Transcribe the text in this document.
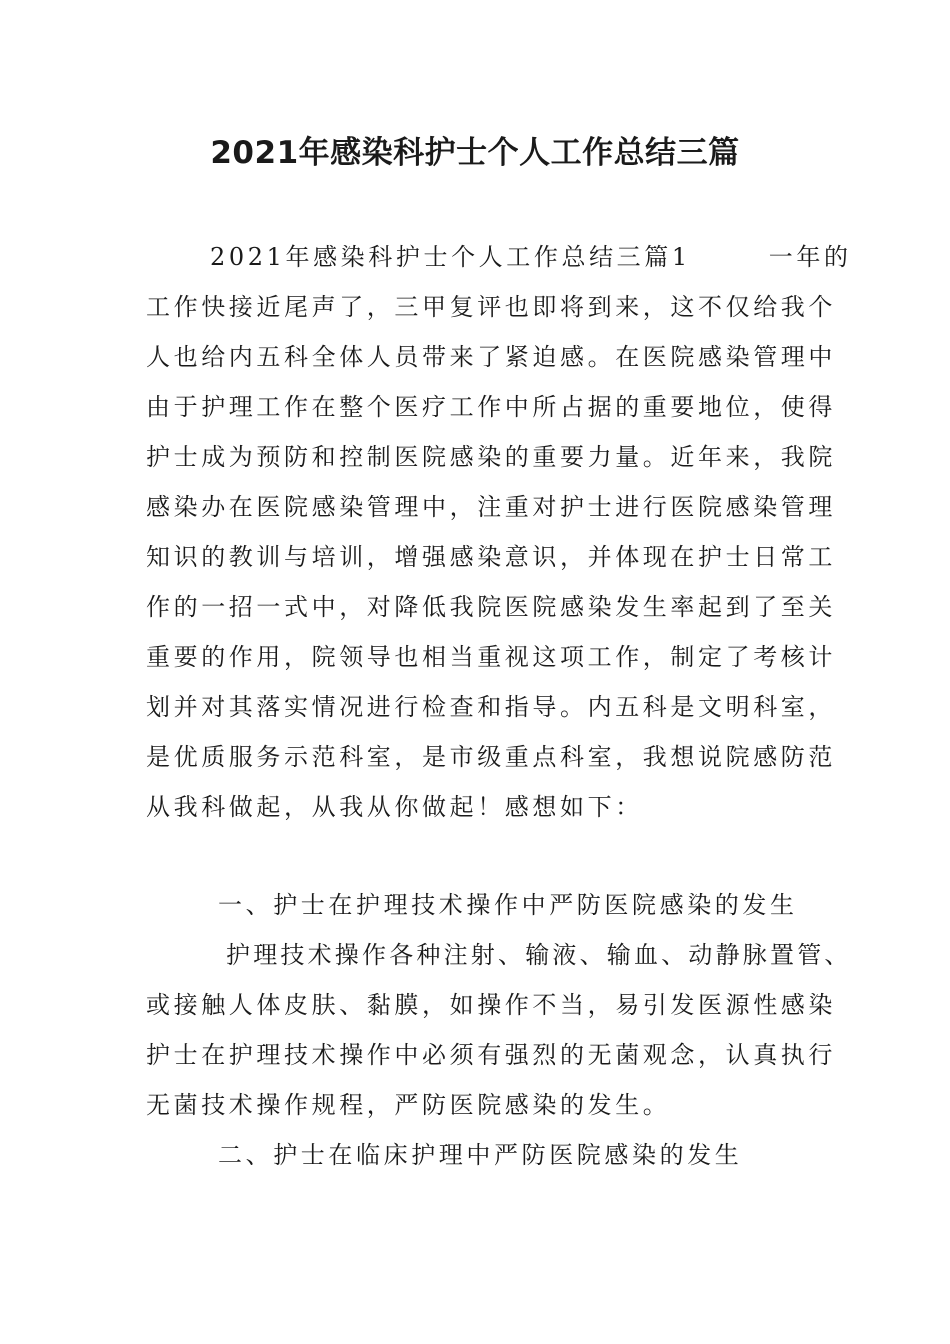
2021年感染科护士个人工作总结三篇

2021年感染科护士个人工作总结三篇1	一年的

工作快接近尾声了，三甲复评也即将到来，这不仅给我个

人也给内五科全体人员带来了紧迫感。在医院感染管理中

由于护理工作在整个医疗工作中所占据的重要地位，使得

护士成为预防和控制医院感染的重要力量。近年来，我院

感染办在医院感染管理中，注重对护士进行医院感染管理

知识的教训与培训，增强感染意识，并体现在护士日常工

作的一招一式中，对降低我院医院感染发生率起到了至关

重要的作用，院领导也相当重视这项工作，制定了考核计

划并对其落实情况进行检查和指导。内五科是文明科室，

是优质服务示范科室，是市级重点科室，我想说院感防范

从我科做起，从我从你做起！感想如下：

一、护士在护理技术操作中严防医院感染的发生

护理技术操作各种注射、输液、输血、动静脉置管、

或接触人体皮肤、黏膜，如操作不当，易引发医源性感染

护士在护理技术操作中必须有强烈的无菌观念，认真执行

无菌技术操作规程，严防医院感染的发生。

二、护士在临床护理中严防医院感染的发生
